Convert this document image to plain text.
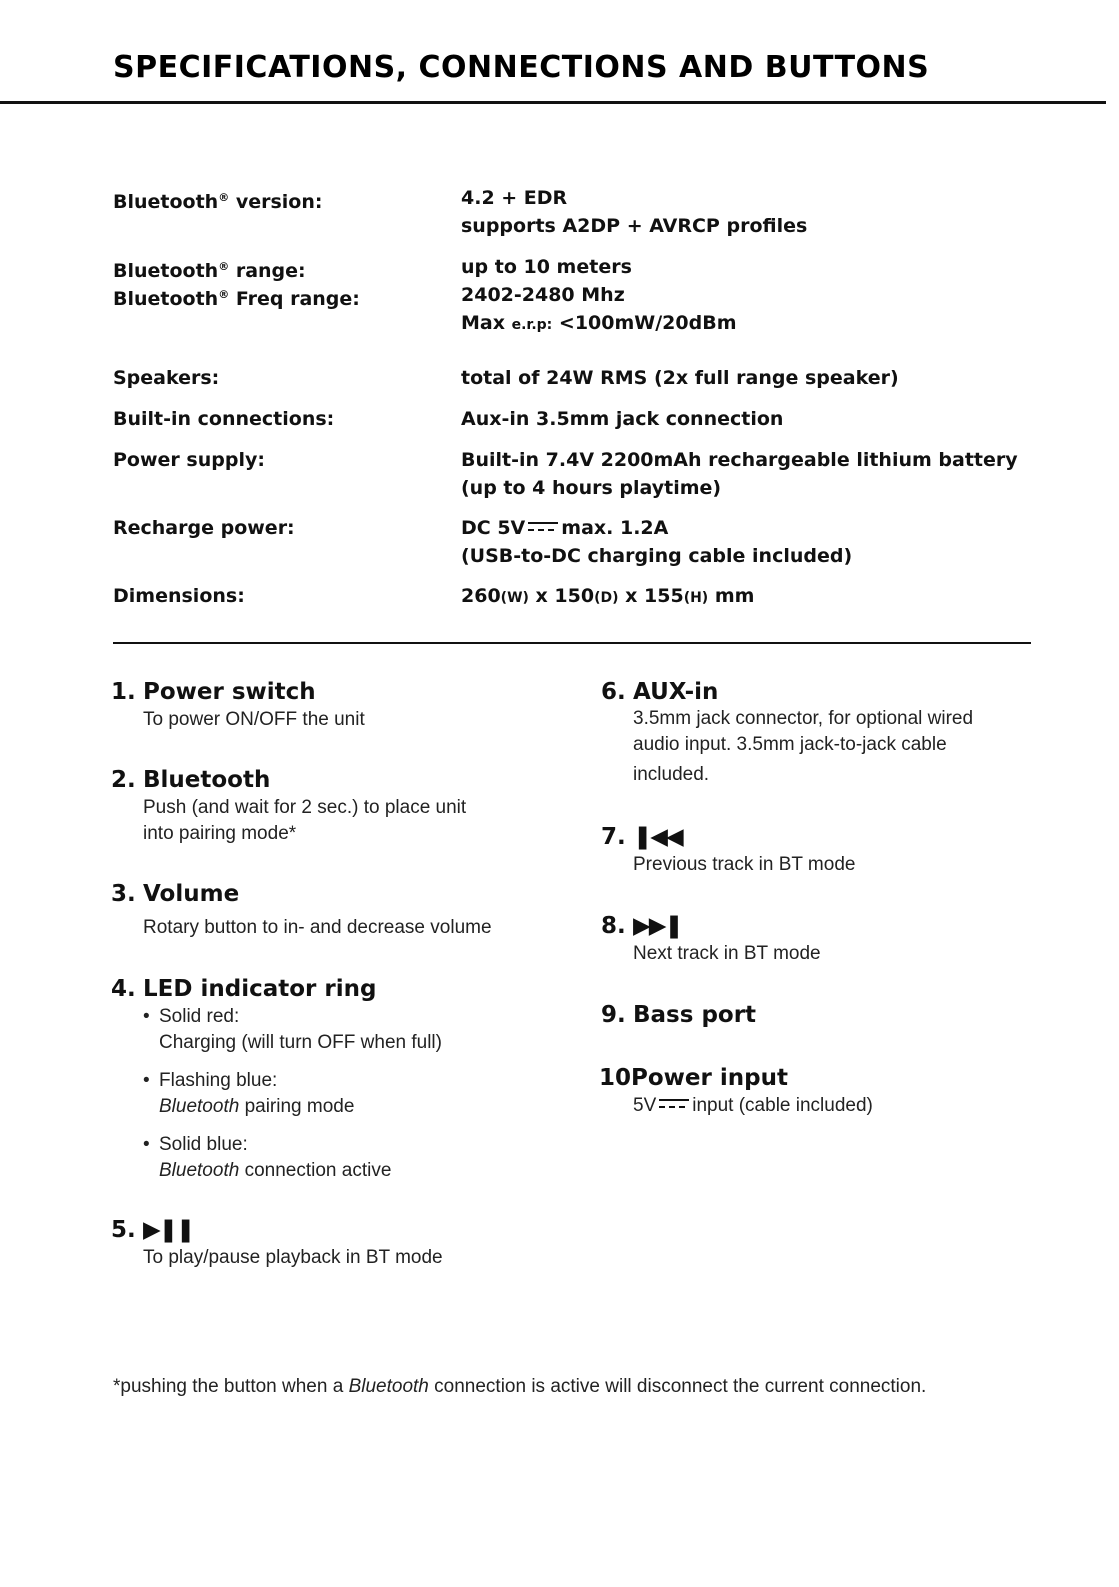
SPECIFICATIONS, CONNECTIONS AND BUTTONS
Bluetooth® version:	4.2 + EDR
supports A2DP + AVRCP profiles
Bluetooth® range:	up to 10 meters
Bluetooth® Freq range:	2402-2480 Mhz
Max e.r.p: <100mW/20dBm
Speakers:	total of 24W RMS (2x full range speaker)
Built-in connections:	Aux-in 3.5mm jack connection
Power supply:	Built-in 7.4V 2200mAh rechargeable lithium battery
(up to 4 hours playtime)
Recharge power:	DC 5V max. 1.2A
(USB-to-DC charging cable included)
Dimensions:	260(W) x 150(D) x 155(H) mm
1. Power switch
To power ON/OFF the unit
2. Bluetooth
Push (and wait for 2 sec.) to place unit
into pairing mode*
3. Volume
Rotary button to in- and decrease volume
4. LED indicator ring
• Solid red:
Charging (will turn OFF when full)
• Flashing blue:
Bluetooth pairing mode
• Solid blue:
Bluetooth connection active
5. ▶❚❚
To play/pause playback in BT mode
6. AUX-in
3.5mm jack connector, for optional wired
audio input. 3.5mm jack-to-jack cable
included.
7. ❚◀◀
Previous track in BT mode
8. ▶▶❚
Next track in BT mode
9. Bass port
10.
Power input
5V input (cable included)
*pushing the button when a Bluetooth connection is active will disconnect the current connection.
